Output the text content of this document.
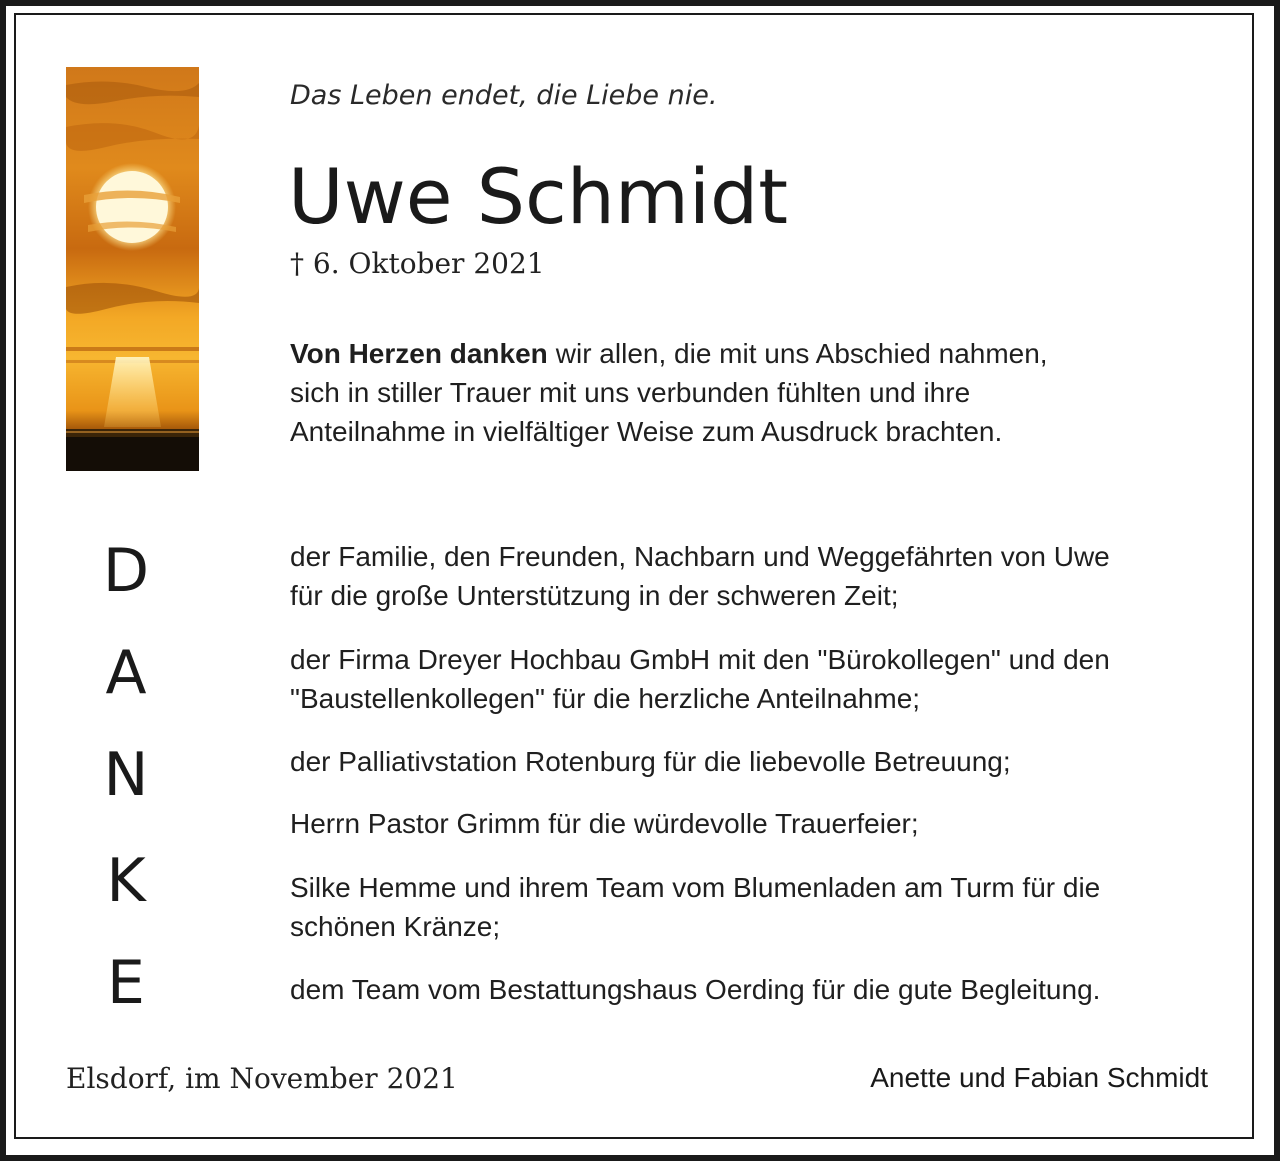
Das Leben endet, die Liebe nie.

Uwe Schmidt

† 6. Oktober 2021

Von Herzen danken wir allen, die mit uns Abschied nahmen,
sich in stiller Trauer mit uns verbunden fühlten und ihre
Anteilnahme in vielfältiger Weise zum Ausdruck brachten.
D
A
N
K
E
der Familie, den Freunden, Nachbarn und Weggefährten von Uwe
für die große Unterstützung in der schweren Zeit;
der Firma Dreyer Hochbau GmbH mit den "Bürokollegen" und den
"Baustellenkollegen" für die herzliche Anteilnahme;
der Palliativstation Rotenburg für die liebevolle Betreuung;
Herrn Pastor Grimm für die würdevolle Trauerfeier;
Silke Hemme und ihrem Team vom Blumenladen am Turm für die
schönen Kränze;
dem Team vom Bestattungshaus Oerding für die gute Begleitung.

Elsdorf, im November 2021	Anette und Fabian Schmidt
